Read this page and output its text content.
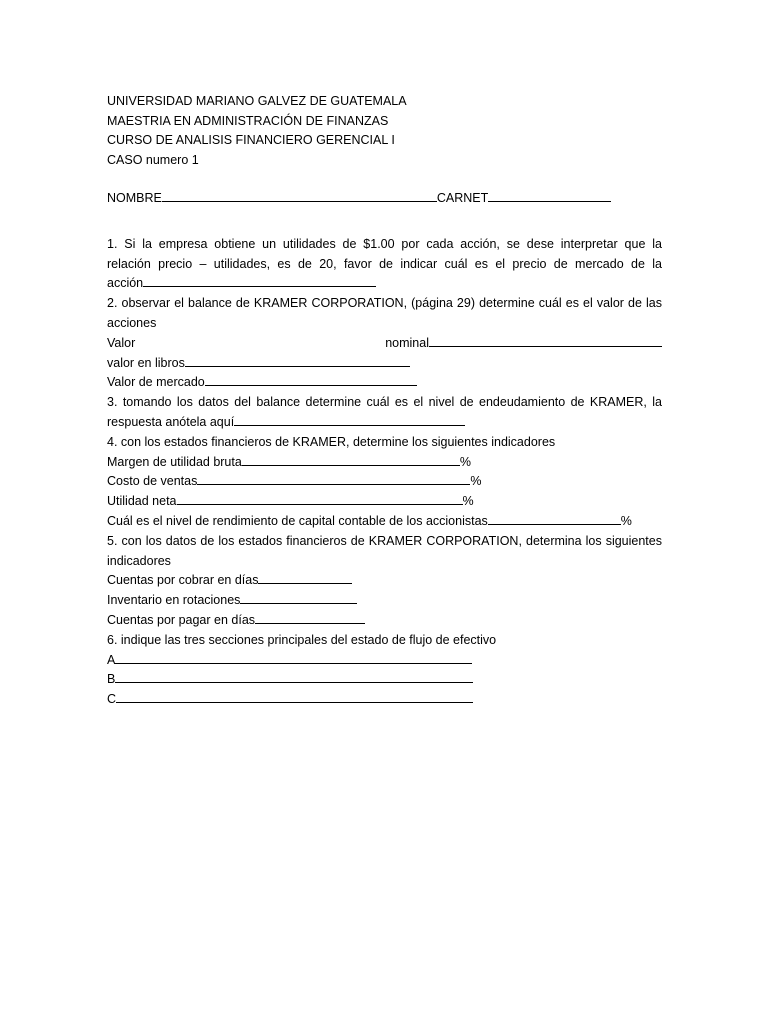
UNIVERSIDAD MARIANO GALVEZ DE GUATEMALA
MAESTRIA EN ADMINISTRACIÓN DE FINANZAS
CURSO DE ANALISIS FINANCIERO GERENCIAL I
CASO numero 1
NOMBRE	CARNET
1. Si la empresa obtiene un utilidades de $1.00 por cada acción, se dese interpretar que la
relación precio – utilidades, es de 20, favor de indicar cuál es el precio de mercado de la
acción
2. observar el balance de KRAMER CORPORATION, (página 29) determine cuál es el valor de las
acciones
Valor	nominal
valor en libros
Valor de mercado
3. tomando los datos del balance determine cuál es el nivel de endeudamiento de KRAMER, la
respuesta anótela aquí
4. con los estados financieros de KRAMER, determine los siguientes indicadores
Margen de utilidad bruta	%
Costo de ventas	%
Utilidad neta	%
Cuál es el nivel de rendimiento de capital contable de los accionistas	%
5. con los datos de los estados financieros de KRAMER CORPORATION, determina los siguientes
indicadores
Cuentas por cobrar en días
Inventario en rotaciones
Cuentas por pagar en días
6. indique las tres secciones principales del estado de flujo de efectivo
A
B
C
